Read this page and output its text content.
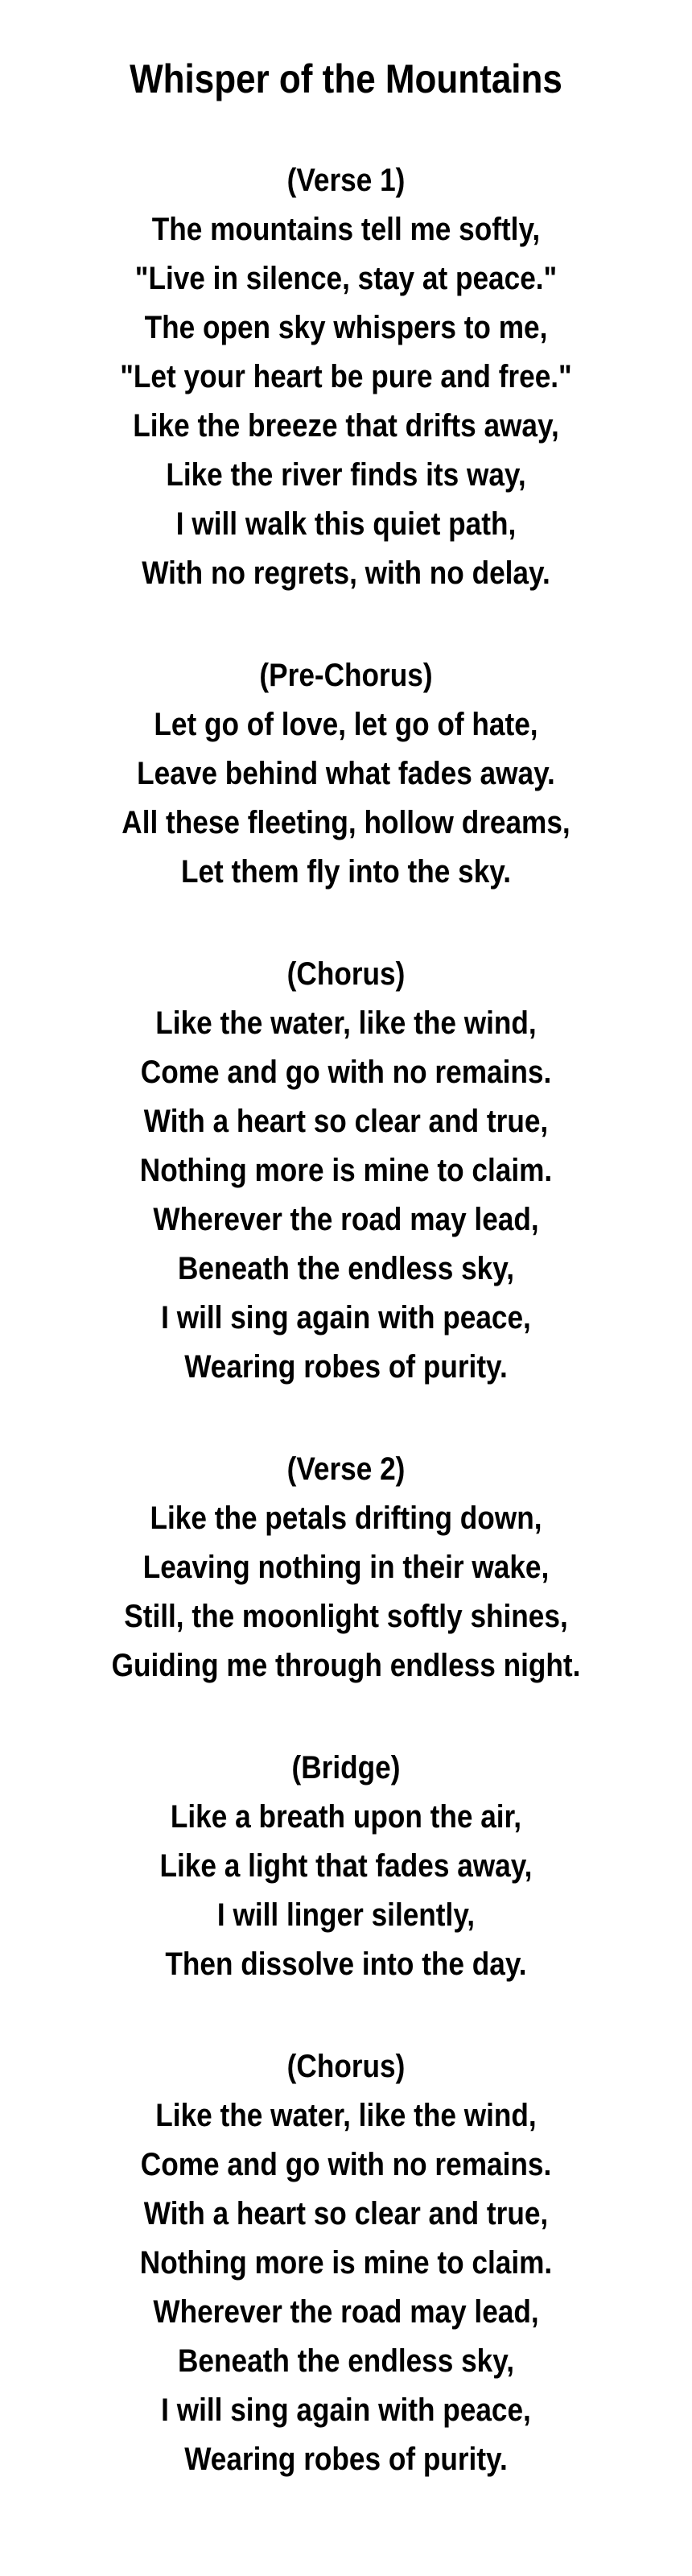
Whisper of the Mountains
(Verse 1)
The mountains tell me softly,
"Live in silence, stay at peace."
The open sky whispers to me,
"Let your heart be pure and free."
Like the breeze that drifts away,
Like the river finds its way,
I will walk this quiet path,
With no regrets, with no delay.
(Pre-Chorus)
Let go of love, let go of hate,
Leave behind what fades away.
All these fleeting, hollow dreams,
Let them fly into the sky.
(Chorus)
Like the water, like the wind,
Come and go with no remains.
With a heart so clear and true,
Nothing more is mine to claim.
Wherever the road may lead,
Beneath the endless sky,
I will sing again with peace,
Wearing robes of purity.
(Verse 2)
Like the petals drifting down,
Leaving nothing in their wake,
Still, the moonlight softly shines,
Guiding me through endless night.
(Bridge)
Like a breath upon the air,
Like a light that fades away,
I will linger silently,
Then dissolve into the day.
(Chorus)
Like the water, like the wind,
Come and go with no remains.
With a heart so clear and true,
Nothing more is mine to claim.
Wherever the road may lead,
Beneath the endless sky,
I will sing again with peace,
Wearing robes of purity.
